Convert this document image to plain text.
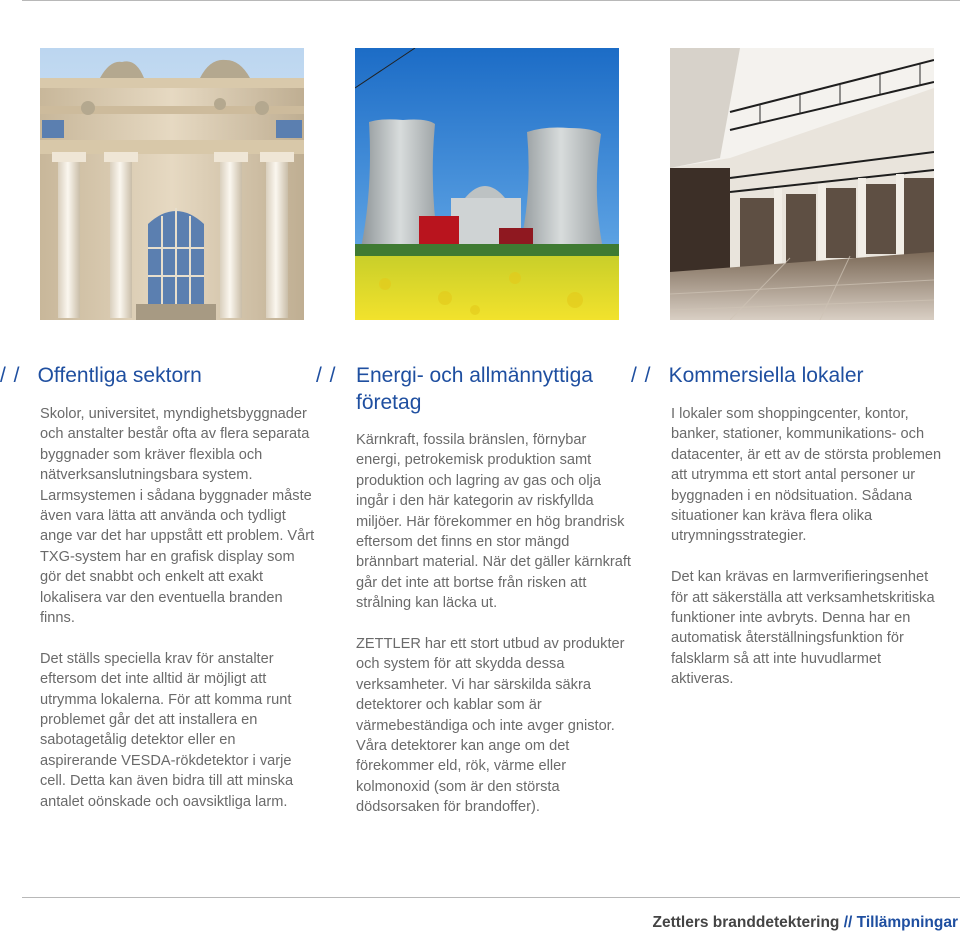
/ / Offentliga sektorn

Skolor, universitet, myndighetsbyggnader och anstalter består ofta av flera separata byggnader som kräver flexibla och nätverksanslutningsbara system. Larmsystemen i sådana byggnader måste även vara lätta att använda och tydligt ange var det har uppstått ett problem. Vårt TXG-system har en grafisk display som gör det snabbt och enkelt att exakt lokalisera var den eventuella branden finns.

Det ställs speciella krav för anstalter eftersom det inte alltid är möjligt att utrymma lokalerna. För att komma runt problemet går det att installera en sabotagetålig detektor eller en aspirerande VESDA-rökdetektor i varje cell. Detta kan även bidra till att minska antalet oönskade och oavsiktliga larm.

/ / Energi- och allmännyttiga företag

Kärnkraft, fossila bränslen, förnybar energi, petrokemisk produktion samt produktion och lagring av gas och olja ingår i den här kategorin av riskfyllda miljöer. Här förekommer en hög brandrisk eftersom det finns en stor mängd brännbart material. När det gäller kärnkraft går det inte att bortse från risken att strålning kan läcka ut.

ZETTLER har ett stort utbud av produkter och system för att skydda dessa verksamheter. Vi har särskilda säkra detektorer och kablar som är värmebeständiga och inte avger gnistor. Våra detektorer kan ange om det förekommer eld, rök, värme eller kolmonoxid (som är den största dödsorsaken för brandoffer).

/ / Kommersiella lokaler

I lokaler som shoppingcenter, kontor, banker, stationer, kommunikations- och datacenter, är ett av de största problemen att utrymma ett stort antal personer ur byggnaden i en nödsituation. Sådana situationer kan kräva flera olika utrymningsstrategier.

Det kan krävas en larmverifieringsenhet för att säkerställa att verksamhetskritiska funktioner inte avbryts. Denna har en automatisk återställningsfunktion för falsklarm så att inte huvudlarmet aktiveras.

Zettlers branddetektering // Tillämpningar
